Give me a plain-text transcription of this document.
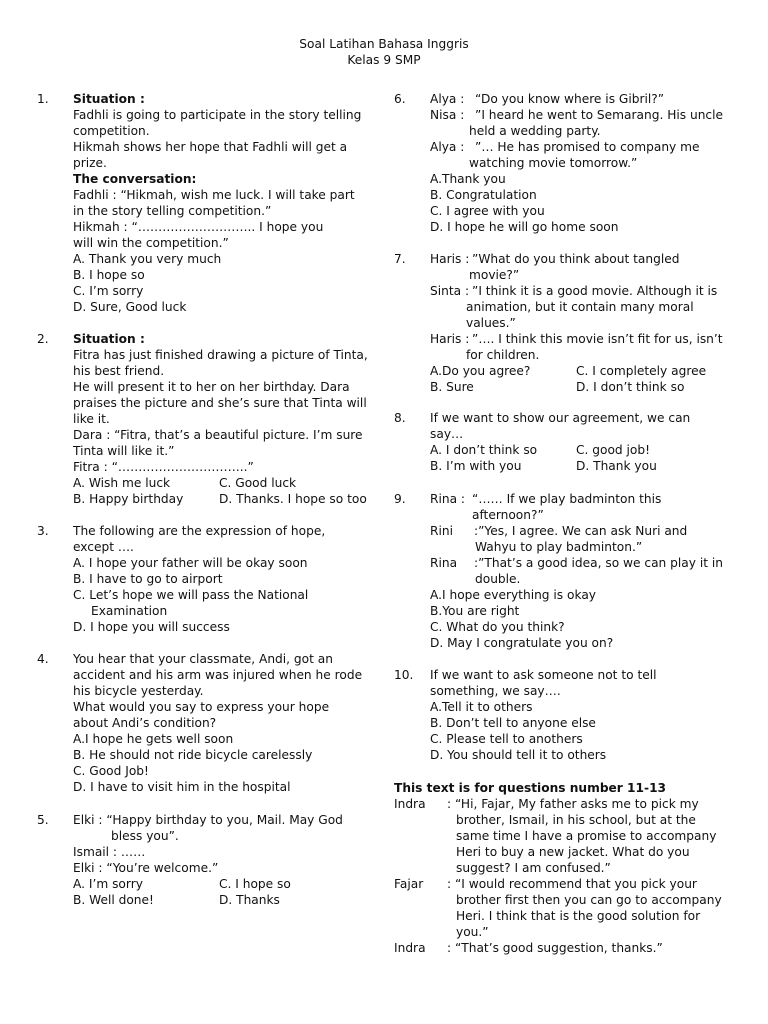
Soal Latihan Bahasa Inggris
Kelas 9 SMP
1. Situation :
Fadhli is going to participate in the story telling
competition.
Hikmah shows her hope that Fadhli will get a
prize.
The conversation:
Fadhli : “Hikmah, wish me luck. I will take part
in the story telling competition.”
Hikmah : “……………………….. I hope you
will win the competition.”
A. Thank you very much
B. I hope so
C. I’m sorry
D. Sure, Good luck
2. Situation :
Fitra has just finished drawing a picture of Tinta,
his best friend.
He will present it to her on her birthday. Dara
praises the picture and she’s sure that Tinta will
like it.
Dara : “Fitra, that’s a beautiful picture. I’m sure
Tinta will like it.”
Fitra : “…………………………..”
A. Wish me luck	C. Good luck
B. Happy birthday	D. Thanks. I hope so too
3. The following are the expression of hope,
except ….
A. I hope your father will be okay soon
B. I have to go to airport
C. Let’s hope we will pass the National
Examination
D. I hope you will success
4. You hear that your classmate, Andi, got an
accident and his arm was injured when he rode
his bicycle yesterday.
What would you say to express your hope
about Andi’s condition?
A.I hope he gets well soon
B. He should not ride bicycle carelessly
C. Good Job!
D. I have to visit him in the hospital
5. Elki : “Happy birthday to you, Mail. May God
bless you”.
Ismail : ……
Elki : “You’re welcome.”
A. I’m sorry	C. I hope so
B. Well done!	D. Thanks
6. Alya : “Do you know where is Gibril?”
Nisa : ”I heard he went to Semarang. His uncle
held a wedding party.
Alya : ”… He has promised to company me
watching movie tomorrow.”
A.Thank you
B. Congratulation
C. I agree with you
D. I hope he will go home soon
7. Haris : ”What do you think about tangled
movie?”
Sinta : ”I think it is a good movie. Although it is
animation, but it contain many moral
values.”
Haris : ”…. I think this movie isn’t fit for us, isn’t
for children.
A.Do you agree?	C. I completely agree
B. Sure	D. I don’t think so
8. If we want to show our agreement, we can
say…
A. I don’t think so	C. good job!
B. I’m with you	D. Thank you
9. Rina : “…… If we play badminton this
afternoon?”
Rini :”Yes, I agree. We can ask Nuri and
Wahyu to play badminton.”
Rina :”That’s a good idea, so we can play it in
double.
A.I hope everything is okay
B.You are right
C. What do you think?
D. May I congratulate you on?
10. If we want to ask someone not to tell
something, we say….
A.Tell it to others
B. Don’t tell to anyone else
C. Please tell to anothers
D. You should tell it to others
This text is for questions number 11-13
Indra : “Hi, Fajar, My father asks me to pick my
brother, Ismail, in his school, but at the
same time I have a promise to accompany
Heri to buy a new jacket. What do you
suggest? I am confused.”
Fajar : “I would recommend that you pick your
brother first then you can go to accompany
Heri. I think that is the good solution for
you.”
Indra : “That’s good suggestion, thanks.”
